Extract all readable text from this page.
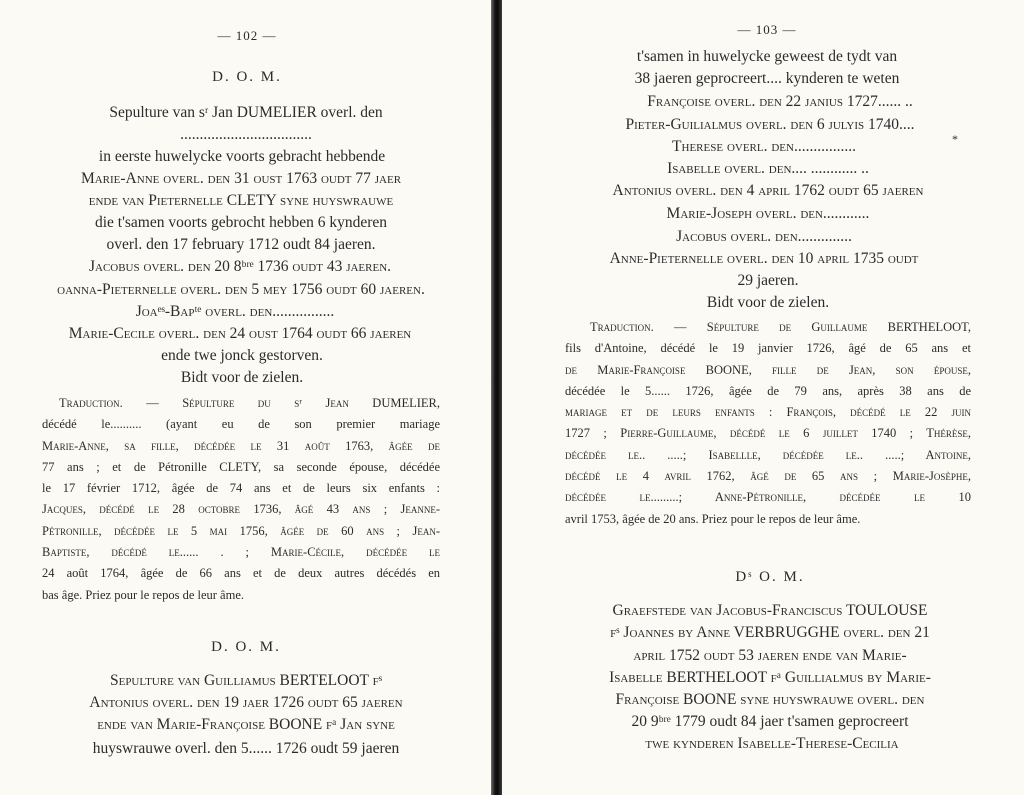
— 102 —
D. O. M.
Sepulture van sʳ Jan DUMELIER overl. den
..................................
in eerste huwelycke voorts gebracht hebbende
Marie-Anne overl. den 31 oust 1763 oudt 77 jaer
ende van Pieternelle CLETY syne huyswrauwe
die t'samen voorts gebrocht hebben 6 kynderen
overl. den 17 february 1712 oudt 84 jaeren.
Jacobus overl. den 20 8ᵇʳᵉ 1736 oudt 43 jaeren.
oanna-Pieternelle overl. den 5 mey 1756 oudt 60 jaeren.
Joaᵉˢ-Bapᵗᵉ overl. den................
Marie-Cecile overl. den 24 oust 1764 oudt 66 jaeren
ende twe jonck gestorven.
Bidt voor de zielen.
Traduction. — Sépulture du sʳ Jean DUMELIER,
décédé le.......... (ayant eu de son premier mariage
Marie-Anne, sa fille, décédée le 31 août 1763, âgée de
77 ans ; et de Pétronille CLETY, sa seconde épouse, décédée
le 17 février 1712, âgée de 74 ans et de leurs six enfants :
Jacques, décédé le 28 octobre 1736, âgé 43 ans ; Jeanne-
Pétronille, décédée le 5 mai 1756, âgée de 60 ans ; Jean-
Baptiste, décédé le...... . ; Marie-Cécile, décédée le
24 août 1764, âgée de 66 ans et de deux autres décédés en
bas âge. Priez pour le repos de leur âme.
D. O. M.
Sepulture van Guilliamus BERTELOOT fˢ
Antonius overl. den 19 jaer 1726 oudt 65 jaeren
ende van Marie-Françoise BOONE fᵃ Jan syne
huyswrauwe overl. den 5...... 1726 oudt 59 jaeren
— 103 —
t'samen in huwelycke geweest de tydt van
38 jaeren geprocreert.... kynderen te weten
Françoise overl. den 22 janius 1727...... ..
Pieter-Guilialmus overl. den 6 julyis 1740....
Therese overl. den................
Isabelle overl. den.... ............ ..
Antonius overl. den 4 april 1762 oudt 65 jaeren
Marie-Joseph overl. den............
Jacobus overl. den..............
Anne-Pieternelle overl. den 10 april 1735 oudt
29 jaeren.
Bidt voor de zielen.
*
Traduction. — Sépulture de Guillaume BERTHELOOT,
fils d'Antoine, décédé le 19 janvier 1726, âgé de 65 ans et
de Marie-Françoise BOONE, fille de Jean, son épouse,
décédée le 5...... 1726, âgée de 79 ans, après 38 ans de
mariage et de leurs enfants : François, décédé le 22 juin
1727 ; Pierre-Guillaume, décédé le 6 juillet 1740 ; Thérèse,
décédée le.. .....; Isabellle, décédée le.. .....; Antoine,
décédé le 4 avril 1762, âgé de 65 ans ; Marie-Josèphe,
décédée le.........; Anne-Pétronille, décédée le 10
avril 1753, âgée de 20 ans. Priez pour le repos de leur âme.
Dˢ O. M.
Graefstede van Jacobus-Franciscus TOULOUSE
fˢ Joannes by Anne VERBRUGGHE overl. den 21
april 1752 oudt 53 jaeren ende van Marie-
Isabelle BERTHELOOT fᵃ Guillialmus by Marie-
Françoise BOONE syne huyswrauwe overl. den
20 9ᵇʳᵉ 1779 oudt 84 jaer t'samen geprocreert
twe kynderen Isabelle-Therese-Cecilia
